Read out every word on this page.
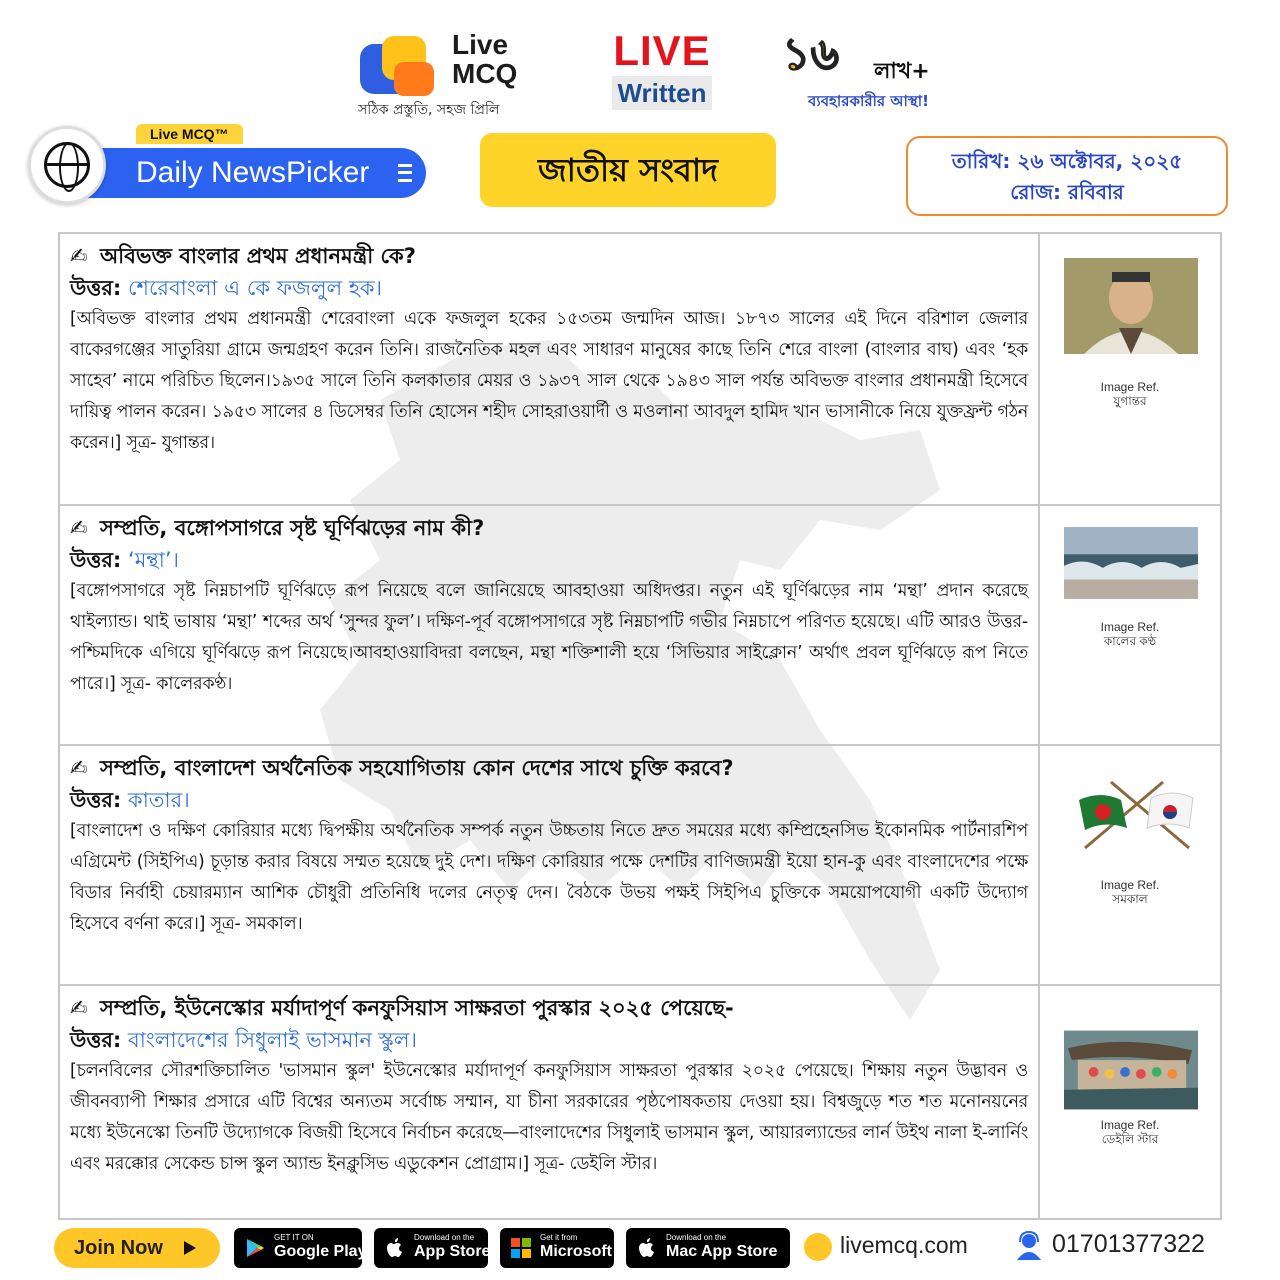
Live
MCQ
সঠিক প্রস্তুতি, সহজ প্রিলি
LIVE
Written
১৬	লাখ+
ব্যবহারকারীর আস্থা!
Live MCQ™
Daily NewsPicker	জাতীয় সংবাদ	তারিখ: ২৬ অক্টোবর, ২০২৫
রোজ: রবিবার
✍ অবিভক্ত বাংলার প্রথম প্রধানমন্ত্রী কে?
উত্তর: শেরেবাংলা এ কে ফজলুল হক।
[অবিভক্ত বাংলার প্রথম প্রধানমন্ত্রী শেরেবাংলা একে ফজলুল হকের ১৫৩তম জন্মদিন আজ। ১৮৭৩ সালের এই দিনে বরিশাল জেলার বাকেরগঞ্জের সাতুরিয়া গ্রামে জন্মগ্রহণ করেন তিনি। রাজনৈতিক মহল এবং সাধারণ মানুষের কাছে তিনি শেরে বাংলা (বাংলার বাঘ) এবং ‘হক সাহেব’ নামে পরিচিত ছিলেন।১৯৩৫ সালে তিনি কলকাতার মেয়র ও ১৯৩৭ সাল থেকে ১৯৪৩ সাল পর্যন্ত অবিভক্ত বাংলার প্রধানমন্ত্রী হিসেবে দায়িত্ব পালন করেন। ১৯৫৩ সালের ৪ ডিসেম্বর তিনি হোসেন শহীদ সোহরাওয়ার্দী ও মওলানা আবদুল হামিদ খান ভাসানীকে নিয়ে যুক্তফ্রন্ট গঠন করেন।] সূত্র- যুগান্তর।
Image Ref.
যুগান্তর
✍ সম্প্রতি, বঙ্গোপসাগরে সৃষ্ট ঘূর্ণিঝড়ের নাম কী?
উত্তর: ‘মন্থা’।
[বঙ্গোপসাগরে সৃষ্ট নিম্নচাপটি ঘূর্ণিঝড়ে রূপ নিয়েছে বলে জানিয়েছে আবহাওয়া অধিদপ্তর। নতুন এই ঘূর্ণিঝড়ের নাম ‘মন্থা’ প্রদান করেছে থাইল্যান্ড। থাই ভাষায় ‘মন্থা’ শব্দের অর্থ ‘সুন্দর ফুল’। দক্ষিণ-পূর্ব বঙ্গোপসাগরে সৃষ্ট নিম্নচাপটি গভীর নিম্নচাপে পরিণত হয়েছে। এটি আরও উত্তর-পশ্চিমদিকে এগিয়ে ঘূর্ণিঝড়ে রূপ নিয়েছে।আবহাওয়াবিদরা বলছেন, মন্থা শক্তিশালী হয়ে ‘সিভিয়ার সাইক্লোন’ অর্থাৎ প্রবল ঘূর্ণিঝড়ে রূপ নিতে পারে।] সূত্র- কালেরকণ্ঠ।
Image Ref.
কালের কণ্ঠ
✍ সম্প্রতি, বাংলাদেশ অর্থনৈতিক সহযোগিতায় কোন দেশের সাথে চুক্তি করবে?
উত্তর: কাতার।
[বাংলাদেশ ও দক্ষিণ কোরিয়ার মধ্যে দ্বিপক্ষীয় অর্থনৈতিক সম্পর্ক নতুন উচ্চতায় নিতে দ্রুত সময়ের মধ্যে কম্প্রিহেনসিভ ইকোনমিক পার্টনারশিপ এগ্রিমেন্ট (সিইপিএ) চূড়ান্ত করার বিষয়ে সম্মত হয়েছে দুই দেশ। দক্ষিণ কোরিয়ার পক্ষে দেশটির বাণিজ্যমন্ত্রী ইয়ো হান-কু এবং বাংলাদেশের পক্ষে বিডার নির্বাহী চেয়ারম্যান আশিক চৌধুরী প্রতিনিধি দলের নেতৃত্ব দেন। বৈঠকে উভয় পক্ষই সিইপিএ চুক্তিকে সময়োপযোগী একটি উদ্যোগ হিসেবে বর্ণনা করে।] সূত্র- সমকাল।
Image Ref.
সমকাল
✍ সম্প্রতি, ইউনেস্কোর মর্যাদাপূর্ণ কনফুসিয়াস সাক্ষরতা পুরস্কার ২০২৫ পেয়েছে-
উত্তর: বাংলাদেশের সিধুলাই ভাসমান স্কুল।
[চলনবিলের সৌরশক্তিচালিত 'ভাসমান স্কুল' ইউনেস্কোর মর্যাদাপূর্ণ কনফুসিয়াস সাক্ষরতা পুরস্কার ২০২৫ পেয়েছে। শিক্ষায় নতুন উদ্ভাবন ও জীবনব্যাপী শিক্ষার প্রসারে এটি বিশ্বের অন্যতম সর্বোচ্চ সম্মান, যা চীনা সরকারের পৃষ্ঠপোষকতায় দেওয়া হয়। বিশ্বজুড়ে শত শত মনোনয়নের মধ্যে ইউনেস্কো তিনটি উদ্যোগকে বিজয়ী হিসেবে নির্বাচন করেছে—বাংলাদেশের সিধুলাই ভাসমান স্কুল, আয়ারল্যান্ডের লার্ন উইথ নালা ই-লার্নিং এবং মরক্কোর সেকেন্ড চান্স স্কুল অ্যান্ড ইনক্লুসিভ এডুকেশন প্রোগ্রাম।] সূত্র- ডেইলি স্টার।
Image Ref.
ডেইলি স্টার
Join Now	GET IT ON
Google Play
Download on the
App Store
Get it from
Microsoft
Download on the
Mac App Store	livemcq.com	01701377322
